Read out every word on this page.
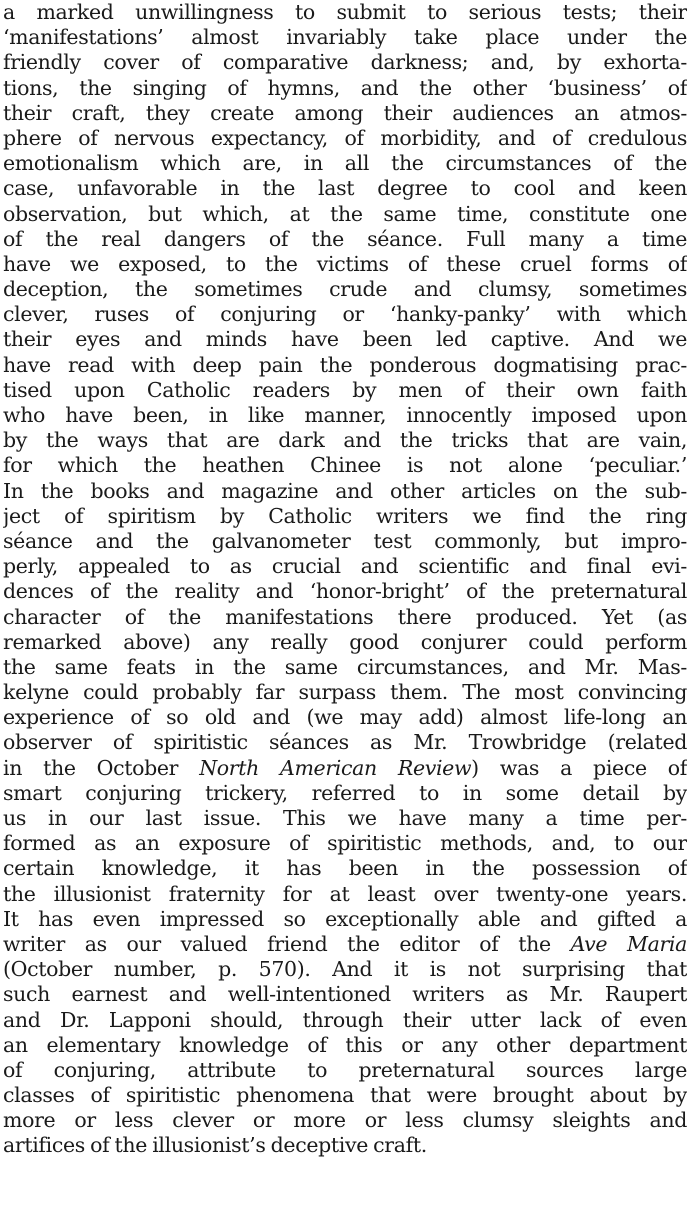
a marked unwillingness to submit to serious tests; their
‘manifestations’ almost invariably take place under the
friendly cover of comparative darkness; and, by exhorta-
tions, the singing of hymns, and the other ‘business’ of
their craft, they create among their audiences an atmos-
phere of nervous expectancy, of morbidity, and of credulous
emotionalism which are, in all the circumstances of the
case, unfavorable in the last degree to cool and keen
observation, but which, at the same time, constitute one
of the real dangers of the séance. Full many a time
have we exposed, to the victims of these cruel forms of
deception, the sometimes crude and clumsy, sometimes
clever, ruses of conjuring or ‘hanky-panky’ with which
their eyes and minds have been led captive. And we
have read with deep pain the ponderous dogmatising prac-
tised upon Catholic readers by men of their own faith
who have been, in like manner, innocently imposed upon
by the ways that are dark and the tricks that are vain,
for which the heathen Chinee is not alone ‘peculiar.’
In the books and magazine and other articles on the sub-
ject of spiritism by Catholic writers we find the ring
séance and the galvanometer test commonly, but impro-
perly, appealed to as crucial and scientific and final evi-
dences of the reality and ‘honor-bright’ of the preternatural
character of the manifestations there produced. Yet (as
remarked above) any really good conjurer could perform
the same feats in the same circumstances, and Mr. Mas-
kelyne could probably far surpass them. The most convincing
experience of so old and (we may add) almost life-long an
observer of spiritistic séances as Mr. Trowbridge (related
in the October North American Review) was a piece of
smart conjuring trickery, referred to in some detail by
us in our last issue. This we have many a time per-
formed as an exposure of spiritistic methods, and, to our
certain knowledge, it has been in the possession of
the illusionist fraternity for at least over twenty-one years.
It has even impressed so exceptionally able and gifted a
writer as our valued friend the editor of the Ave Maria
(October number, p. 570). And it is not surprising that
such earnest and well-intentioned writers as Mr. Raupert
and Dr. Lapponi should, through their utter lack of even
an elementary knowledge of this or any other department
of conjuring, attribute to preternatural sources large
classes of spiritistic phenomena that were brought about by
more or less clever or more or less clumsy sleights and
artifices of the illusionist’s deceptive craft.
